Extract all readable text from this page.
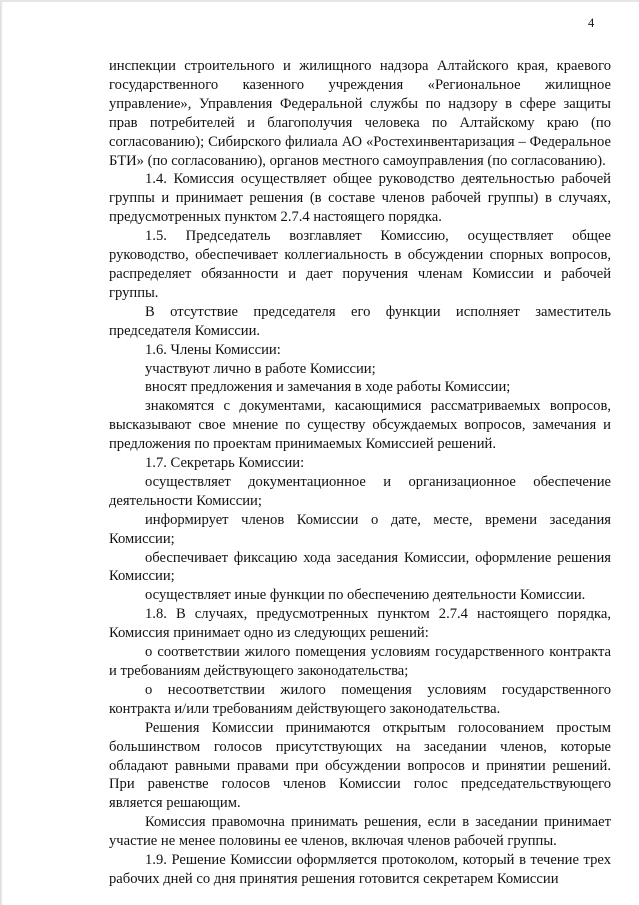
4

инспекции строительного и жилищного надзора Алтайского края, краевого государственного казенного учреждения «Региональное жилищное управление», Управления Федеральной службы по надзору в сфере защиты прав потребителей и благополучия человека по Алтайскому краю (по согласованию); Сибирского филиала АО «Ростехинвентаризация – Федеральное БТИ» (по согласованию), органов местного самоуправления (по согласованию).

1.4. Комиссия осуществляет общее руководство деятельностью рабочей группы и принимает решения (в составе членов рабочей группы) в случаях, предусмотренных пунктом 2.7.4 настоящего порядка.

1.5. Председатель возглавляет Комиссию, осуществляет общее руководство, обеспечивает коллегиальность в обсуждении спорных вопросов, распределяет обязанности и дает поручения членам Комиссии и рабочей группы.

В отсутствие председателя его функции исполняет заместитель председателя Комиссии.

1.6. Члены Комиссии:

участвуют лично в работе Комиссии;

вносят предложения и замечания в ходе работы Комиссии;

знакомятся с документами, касающимися рассматриваемых вопросов, высказывают свое мнение по существу обсуждаемых вопросов, замечания и предложения по проектам принимаемых Комиссией решений.

1.7. Секретарь Комиссии:

осуществляет документационное и организационное обеспечение деятельности Комиссии;

информирует членов Комиссии о дате, месте, времени заседания Комиссии;

обеспечивает фиксацию хода заседания Комиссии, оформление решения Комиссии;

осуществляет иные функции по обеспечению деятельности Комиссии.

1.8. В случаях, предусмотренных пунктом 2.7.4 настоящего порядка, Комиссия принимает одно из следующих решений:

о соответствии жилого помещения условиям государственного контракта и требованиям действующего законодательства;

о несоответствии жилого помещения условиям государственного контракта и/или требованиям действующего законодательства.

Решения Комиссии принимаются открытым голосованием простым большинством голосов присутствующих на заседании членов, которые обладают равными правами при обсуждении вопросов и принятии решений. При равенстве голосов членов Комиссии голос председательствующего является решающим.

Комиссия правомочна принимать решения, если в заседании принимает участие не менее половины ее членов, включая членов рабочей группы.

1.9. Решение Комиссии оформляется протоколом, который в течение трех рабочих дней со дня принятия решения готовится секретарем Комиссии
